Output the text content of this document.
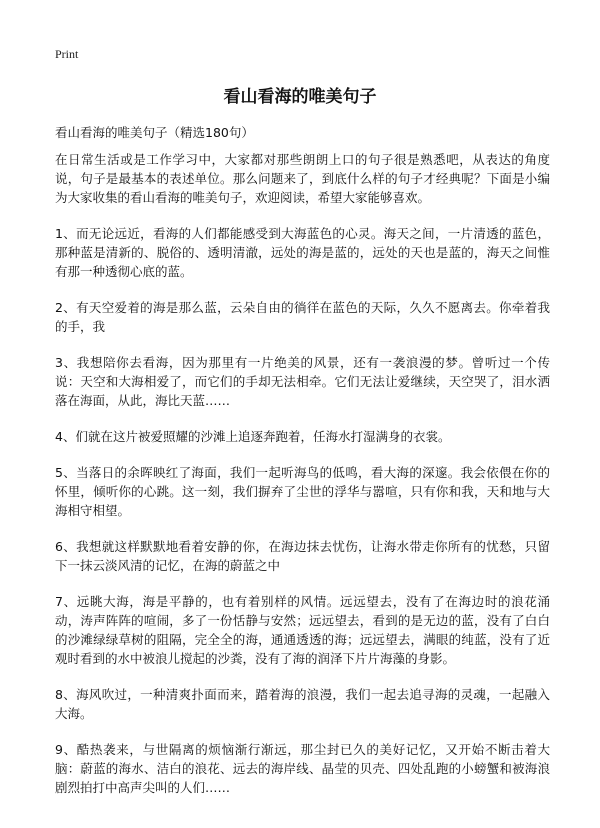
Print
看山看海的唯美句子

看山看海的唯美句子（精选180句）

在日常生活或是工作学习中，大家都对那些朗朗上口的句子很是熟悉吧，从表达的角度说，句子是最基本的表述单位。那么问题来了，到底什么样的句子才经典呢？下面是小编为大家收集的看山看海的唯美句子，欢迎阅读，希望大家能够喜欢。

1、而无论远近，看海的人们都能感受到大海蓝色的心灵。海天之间，一片清透的蓝色，那种蓝是清新的、脱俗的、透明清澈，远处的海是蓝的，远处的天也是蓝的，海天之间惟有那一种透彻心底的蓝。

2、有天空爱着的海是那么蓝，云朵自由的徜徉在蓝色的天际，久久不愿离去。你牵着我的手，我

3、我想陪你去看海，因为那里有一片绝美的风景，还有一袭浪漫的梦。曾听过一个传说：天空和大海相爱了，而它们的手却无法相牵。它们无法让爱继续，天空哭了，泪水洒落在海面，从此，海比天蓝……

4、们就在这片被爱照耀的沙滩上追逐奔跑着，任海水打湿满身的衣裳。

5、当落日的余晖映红了海面，我们一起听海鸟的低鸣，看大海的深邃。我会依偎在你的怀里，倾听你的心跳。这一刻，我们摒弃了尘世的浮华与嚣喧，只有你和我，天和地与大海相守相望。

6、我想就这样默默地看着安静的你，在海边抹去忧伤，让海水带走你所有的忧愁，只留下一抹云淡风清的记忆，在海的蔚蓝之中

7、远眺大海，海是平静的，也有着别样的风情。远远望去，没有了在海边时的浪花涌动，涛声阵阵的喧闹，多了一份恬静与安然；远远望去，看到的是无边的蓝，没有了白白的沙滩绿绿草树的阻隔，完全全的海，通通透透的海；远远望去，满眼的纯蓝，没有了近观时看到的水中被浪儿搅起的沙粪，没有了海的润泽下片片海藻的身影。

8、海风吹过，一种清爽扑面而来，踏着海的浪漫，我们一起去追寻海的灵魂，一起融入大海。

9、酷热袭来，与世隔离的烦恼渐行渐远，那尘封已久的美好记忆，又开始不断击着大脑：蔚蓝的海水、洁白的浪花、远去的海岸线、晶莹的贝壳、四处乱跑的小螃蟹和被海浪剧烈拍打中高声尖叫的人们……
